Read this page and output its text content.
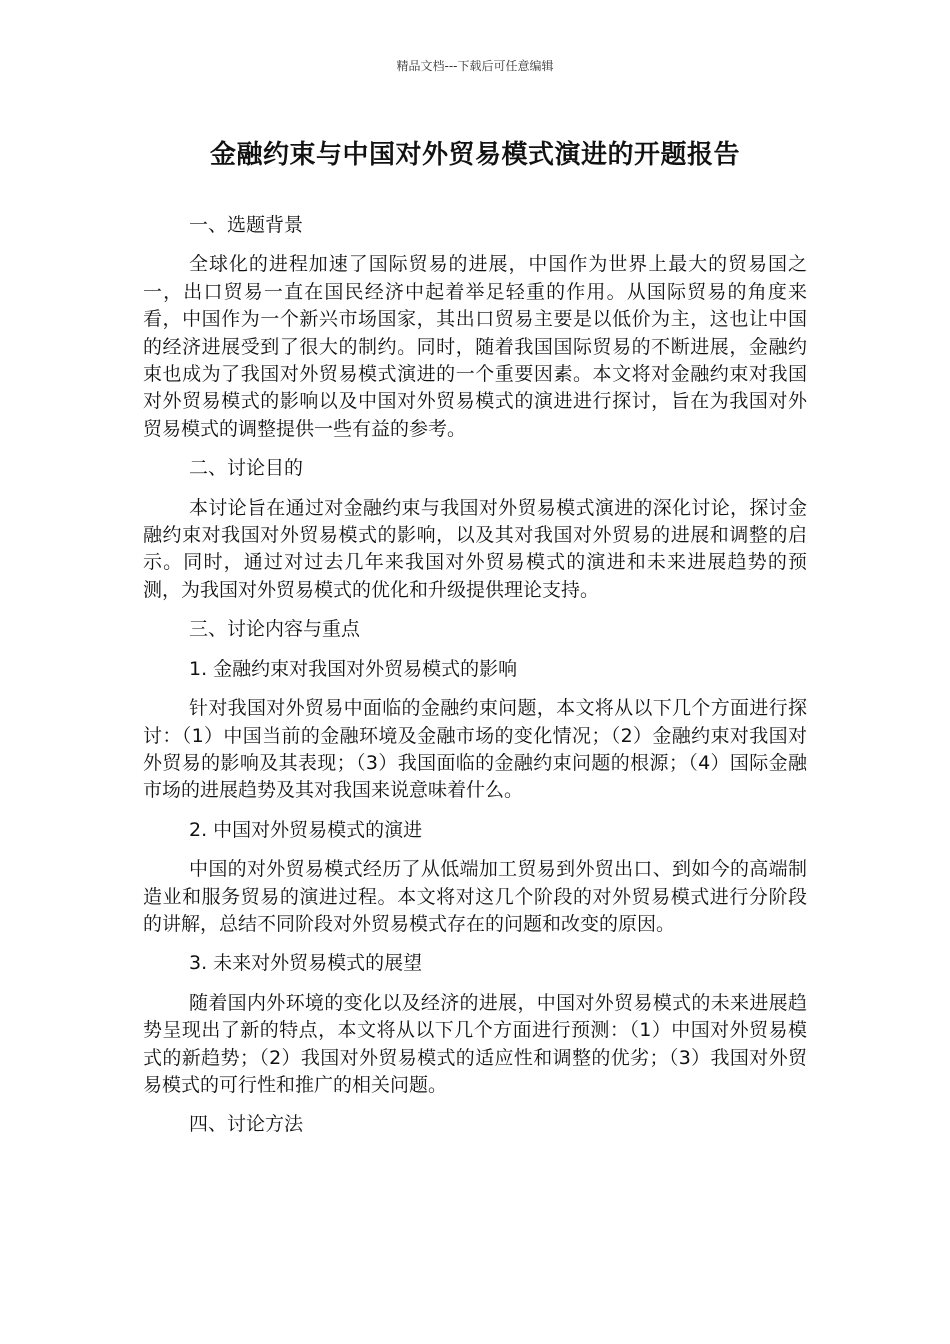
精品文档---下载后可任意编辑
金融约束与中国对外贸易模式演进的开题报告

一、选题背景

全球化的进程加速了国际贸易的进展，中国作为世界上最大的贸易国之一，出口贸易一直在国民经济中起着举足轻重的作用。从国际贸易的角度来看，中国作为一个新兴市场国家，其出口贸易主要是以低价为主，这也让中国的经济进展受到了很大的制约。同时，随着我国国际贸易的不断进展，金融约束也成为了我国对外贸易模式演进的一个重要因素。本文将对金融约束对我国对外贸易模式的影响以及中国对外贸易模式的演进进行探讨，旨在为我国对外贸易模式的调整提供一些有益的参考。

二、讨论目的

本讨论旨在通过对金融约束与我国对外贸易模式演进的深化讨论，探讨金融约束对我国对外贸易模式的影响，以及其对我国对外贸易的进展和调整的启示。同时，通过对过去几年来我国对外贸易模式的演进和未来进展趋势的预测，为我国对外贸易模式的优化和升级提供理论支持。

三、讨论内容与重点

1. 金融约束对我国对外贸易模式的影响

针对我国对外贸易中面临的金融约束问题，本文将从以下几个方面进行探讨：（1）中国当前的金融环境及金融市场的变化情况；（2）金融约束对我国对外贸易的影响及其表现；（3）我国面临的金融约束问题的根源；（4）国际金融市场的进展趋势及其对我国来说意味着什么。

2. 中国对外贸易模式的演进

中国的对外贸易模式经历了从低端加工贸易到外贸出口、到如今的高端制造业和服务贸易的演进过程。本文将对这几个阶段的对外贸易模式进行分阶段的讲解，总结不同阶段对外贸易模式存在的问题和改变的原因。

3. 未来对外贸易模式的展望

随着国内外环境的变化以及经济的进展，中国对外贸易模式的未来进展趋势呈现出了新的特点，本文将从以下几个方面进行预测：（1）中国对外贸易模式的新趋势；（2）我国对外贸易模式的适应性和调整的优劣；（3）我国对外贸易模式的可行性和推广的相关问题。

四、讨论方法
